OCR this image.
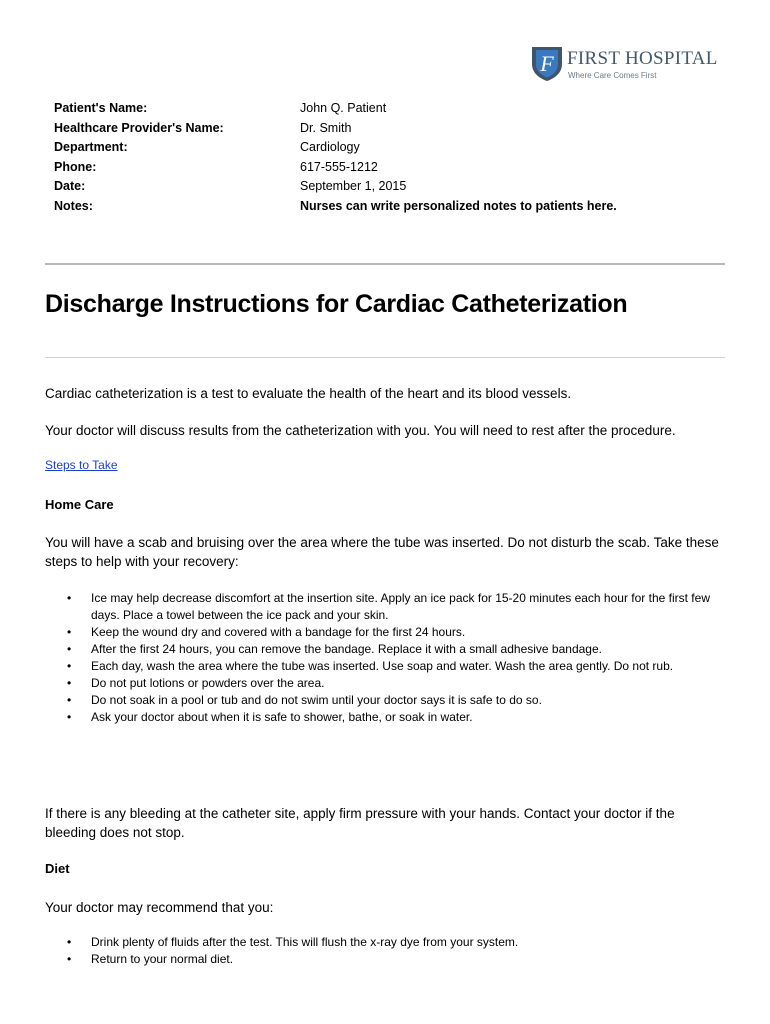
F FIRST HOSPITAL
Where Care Comes First
Patient's Name:	John Q. Patient
Healthcare Provider's Name:	Dr. Smith
Department:	Cardiology
Phone:	617-555-1212
Date:	September 1, 2015
Notes:	Nurses can write personalized notes to patients here.
Discharge Instructions for Cardiac Catheterization
Cardiac catheterization is a test to evaluate the health of the heart and its blood vessels.
Your doctor will discuss results from the catheterization with you. You will need to rest after the procedure.
Steps to Take
Home Care
You will have a scab and bruising over the area where the tube was inserted. Do not disturb the scab. Take these steps to help with your recovery:
• Ice may help decrease discomfort at the insertion site. Apply an ice pack for 15-20 minutes each hour for the first few days. Place a towel between the ice pack and your skin.
• Keep the wound dry and covered with a bandage for the first 24 hours.
• After the first 24 hours, you can remove the bandage. Replace it with a small adhesive bandage.
• Each day, wash the area where the tube was inserted. Use soap and water. Wash the area gently. Do not rub.
• Do not put lotions or powders over the area.
• Do not soak in a pool or tub and do not swim until your doctor says it is safe to do so.
• Ask your doctor about when it is safe to shower, bathe, or soak in water.
If there is any bleeding at the catheter site, apply firm pressure with your hands. Contact your doctor if the bleeding does not stop.
Diet
Your doctor may recommend that you:
• Drink plenty of fluids after the test. This will flush the x-ray dye from your system.
• Return to your normal diet.
